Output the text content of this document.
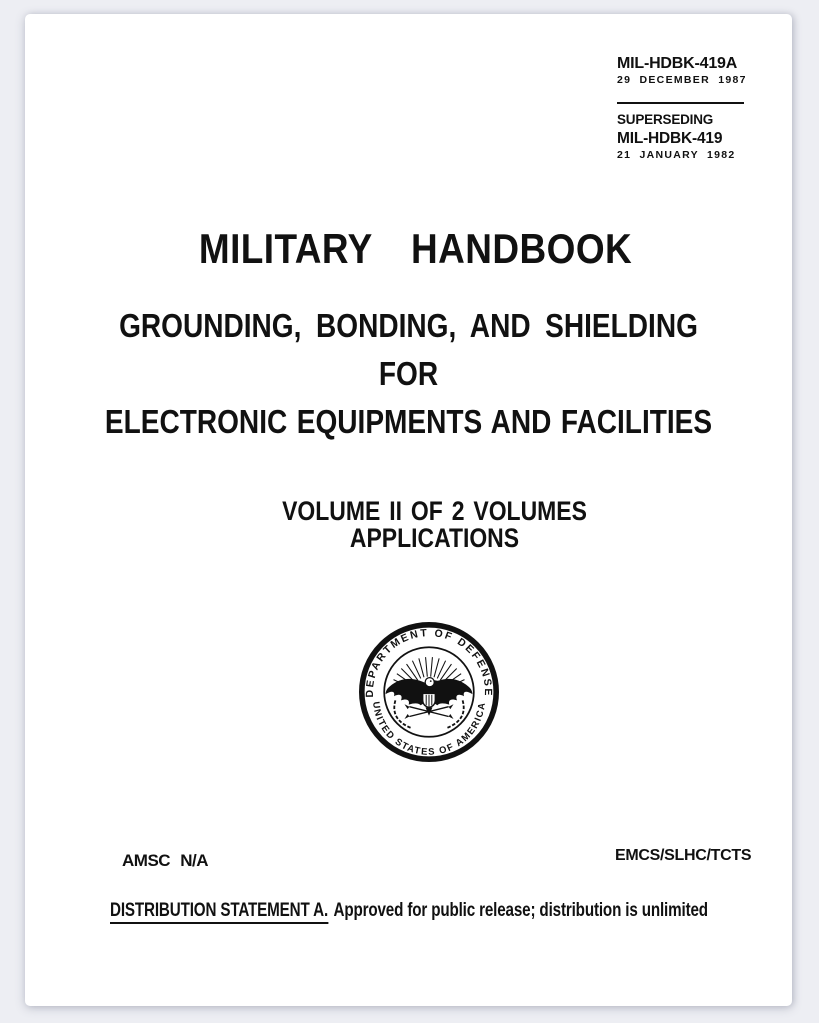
MIL-HDBK-419A
29 DECEMBER 1987
SUPERSEDING
MIL-HDBK-419
21 JANUARY 1982
MILITARY HANDBOOK
GROUNDING, BONDING, AND SHIELDING
FOR
ELECTRONIC EQUIPMENTS AND FACILITIES
VOLUME II OF 2 VOLUMES
APPLICATIONS
DEPARTMENT OF DEFENSE
UNITED STATES OF AMERICA
AMSC N/A	EMCS/SLHC/TCTS
DISTRIBUTION STATEMENT A. Approved for public release; distribution is unlimited
